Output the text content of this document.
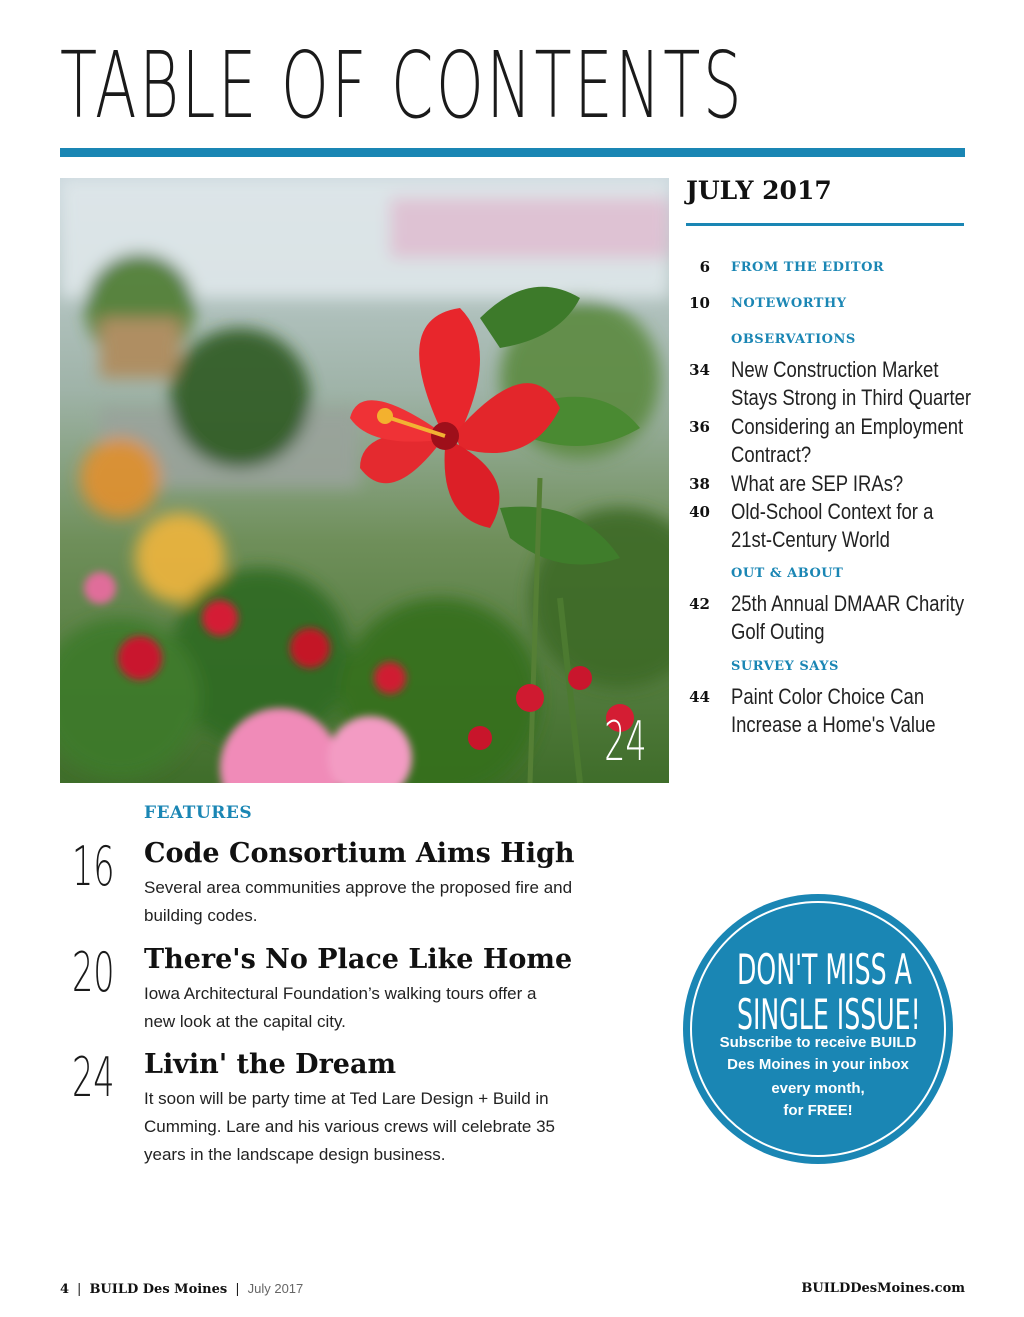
TABLE OF CONTENTS
24
JULY 2017
6 FROM THE EDITOR
10 NOTEWORTHY
OBSERVATIONS
34 New Construction Market Stays Strong in Third Quarter
36 Considering an Employment Contract?
38 What are SEP IRAs?
40 Old-School Context for a 21st-Century World
OUT & ABOUT
42 25th Annual DMAAR Charity Golf Outing
SURVEY SAYS
44 Paint Color Choice Can Increase a Home's Value
FEATURES
16 Code Consortium Aims High
Several area communities approve the proposed fire and building codes.
20 There's No Place Like Home
Iowa Architectural Foundation’s walking tours offer a new look at the capital city.
24 Livin' the Dream
It soon will be party time at Ted Lare Design + Build in Cumming. Lare and his various crews will celebrate 35 years in the landscape design business.
DON'T MISS A
SINGLE ISSUE!
Subscribe to receive BUILD
Des Moines in your inbox
every month,
for FREE!
4 | BUILD Des Moines | July 2017	BUILDDesMoines.com
